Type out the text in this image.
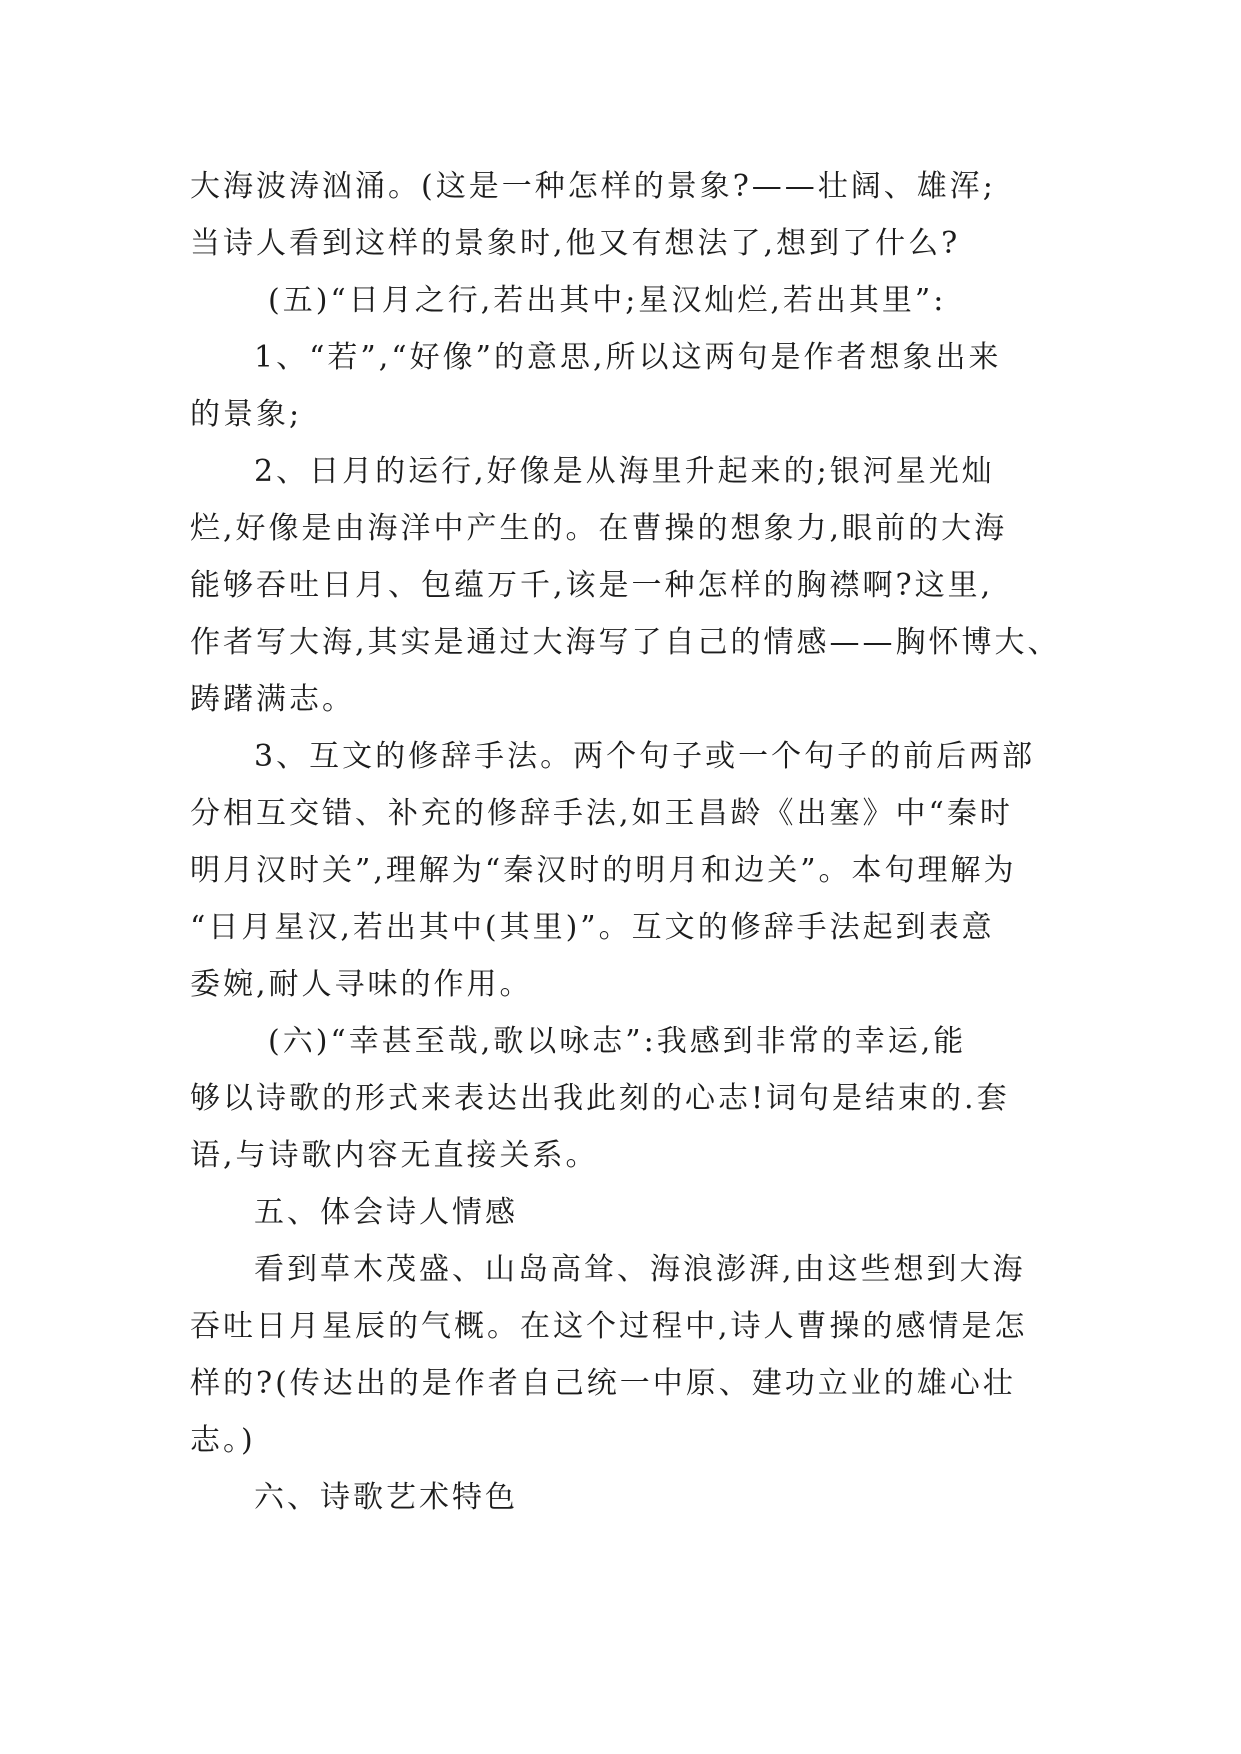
大海波涛汹涌。(这是一种怎样的景象?——壮阔、雄浑;
当诗人看到这样的景象时,他又有想法了,想到了什么?

(五)“日月之行,若出其中;星汉灿烂,若出其里”:

1、“若”,“好像”的意思,所以这两句是作者想象出来
的景象;

2、日月的运行,好像是从海里升起来的;银河星光灿
烂,好像是由海洋中产生的。在曹操的想象力,眼前的大海
能够吞吐日月、包蕴万千,该是一种怎样的胸襟啊?这里,
作者写大海,其实是通过大海写了自己的情感——胸怀博大、
踌躇满志。

3、互文的修辞手法。两个句子或一个句子的前后两部
分相互交错、补充的修辞手法,如王昌龄《出塞》中“秦时
明月汉时关”,理解为“秦汉时的明月和边关”。本句理解为
“日月星汉,若出其中(其里)”。互文的修辞手法起到表意
委婉,耐人寻味的作用。

(六)“幸甚至哉,歌以咏志”:我感到非常的幸运,能
够以诗歌的形式来表达出我此刻的心志!词句是结束的.套
语,与诗歌内容无直接关系。

五、体会诗人情感

看到草木茂盛、山岛高耸、海浪澎湃,由这些想到大海
吞吐日月星辰的气概。在这个过程中,诗人曹操的感情是怎
样的?(传达出的是作者自己统一中原、建功立业的雄心壮
志。)

六、诗歌艺术特色
